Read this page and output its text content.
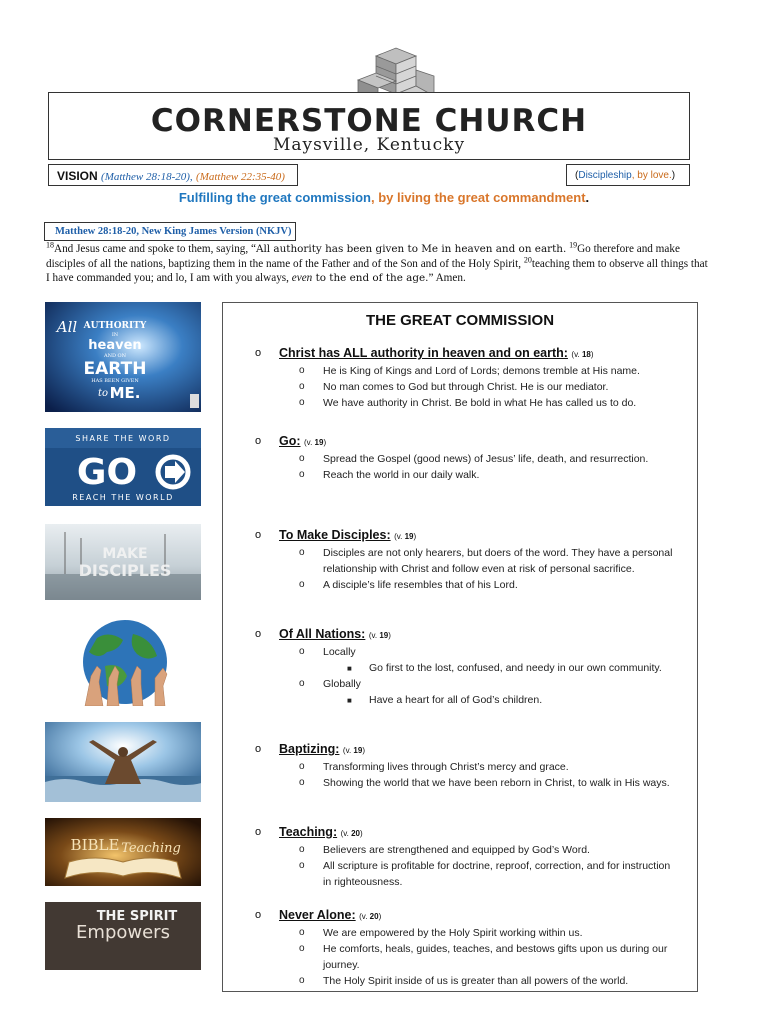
CORNERSTONE CHURCH
Maysville, Kentucky
VISION (Matthew 28:18-20), (Matthew 22:35-40)	(Discipleship, by love.)
Fulfilling the great commission, by living the great commandment.
Matthew 28:18-20, New King James Version (NKJV)
$^{18}$And Jesus came and spoke to them, saying, “All authority has been given to Me in heaven and on earth. $^{19}$Go therefore and make disciples of all the nations, baptizing them in the name of the Father and of the Son and of the Holy Spirit, $^{20}$teaching them to observe all things that I have commanded you; and lo, I am with you always, even to the end of the age.” Amen.
All AUTHORITY
IN
heaven
AND ON
EARTH
HAS BEEN GIVEN
to ME.
SHARE THE WORD
GO
REACH THE WORLD
MAKE
DISCIPLES
BIBLE Teaching
THE SPIRIT
Empowers
THE GREAT COMMISSION
o Christ has ALL authority in heaven and on earth: (v. 18)
o He is King of Kings and Lord of Lords; demons tremble at His name.
o No man comes to God but through Christ. He is our mediator.
o We have authority in Christ. Be bold in what He has called us to do.
o Go: (v. 19)
o Spread the Gospel (good news) of Jesus’ life, death, and resurrection.
o Reach the world in our daily walk.
o To Make Disciples: (v. 19)
o Disciples are not only hearers, but doers of the word. They have a personal relationship with Christ and follow even at risk of personal sacrifice.
o A disciple’s life resembles that of his Lord.
o Of All Nations: (v. 19)
o Locally
■ Go first to the lost, confused, and needy in our own community.
o Globally
■ Have a heart for all of God’s children.
o Baptizing: (v. 19)
o Transforming lives through Christ’s mercy and grace.
o Showing the world that we have been reborn in Christ, to walk in His ways.
o Teaching: (v. 20)
o Believers are strengthened and equipped by God’s Word.
o All scripture is profitable for doctrine, reproof, correction, and for instruction in righteousness.
o Never Alone: (v. 20)
o We are empowered by the Holy Spirit working within us.
o He comforts, heals, guides, teaches, and bestows gifts upon us during our journey.
o The Holy Spirit inside of us is greater than all powers of the world.
